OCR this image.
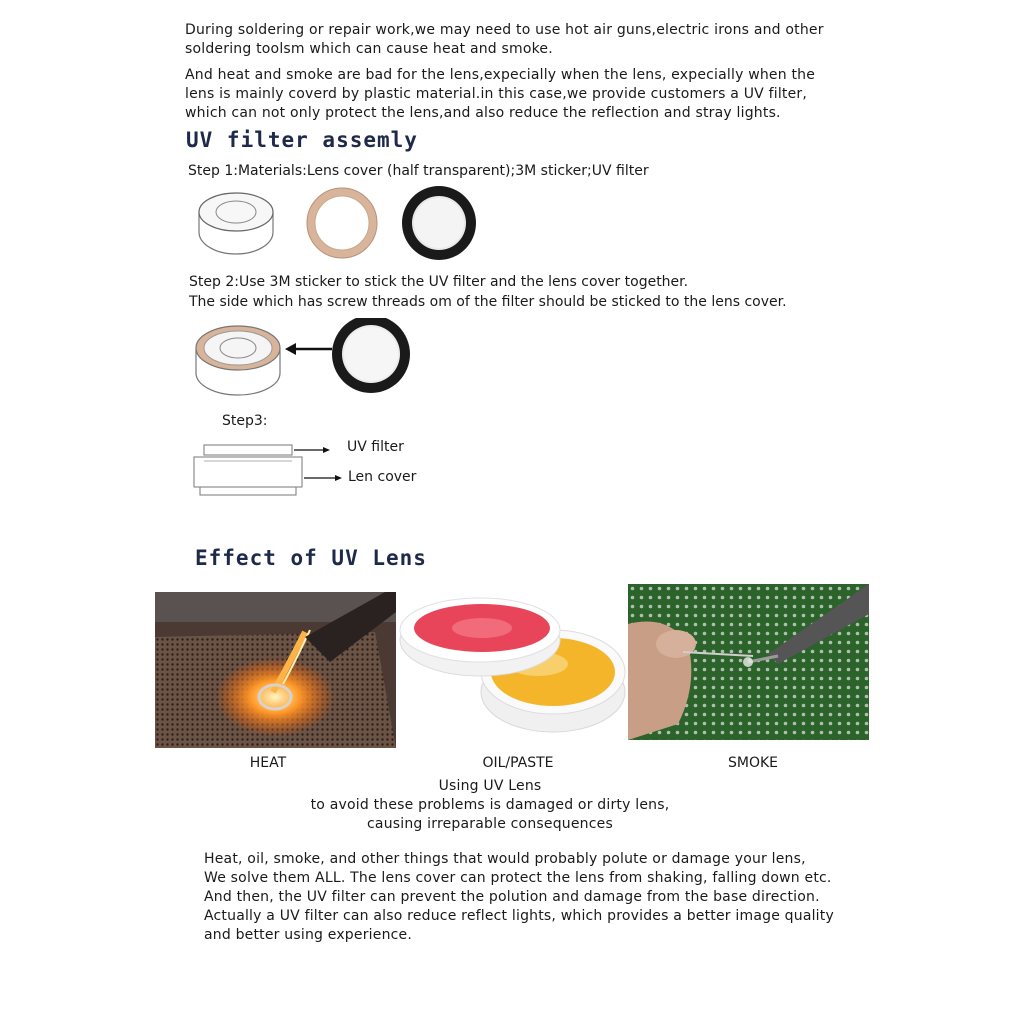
During soldering or repair work,we may need to use hot air guns,electric irons and other
soldering toolsm which can cause heat and smoke.
And heat and smoke are bad for the lens,expecially when the lens, expecially when the
lens is mainly coverd by plastic material.in this case,we provide customers a UV filter,
which can not only protect the lens,and also reduce the reflection and stray lights.
UV filter assemly
Step 1:Materials:Lens cover (half transparent);3M sticker;UV filter
Step 2:Use 3M sticker to stick the UV filter and the lens cover together.
The side which has screw threads om of the filter should be sticked to the lens cover.
Step3:
UV filter
Len cover
Effect of UV Lens
HEAT	OIL/PASTE	SMOKE
Using UV Lens
to avoid these problems is damaged or dirty lens,
causing irreparable consequences
Heat, oil, smoke, and other things that would probably polute or damage your lens,
We solve them ALL. The lens cover can protect the lens from shaking, falling down etc.
And then, the UV filter can prevent the polution and damage from the base direction.
Actually a UV filter can also reduce reflect lights, which provides a better image quality
and better using experience.
